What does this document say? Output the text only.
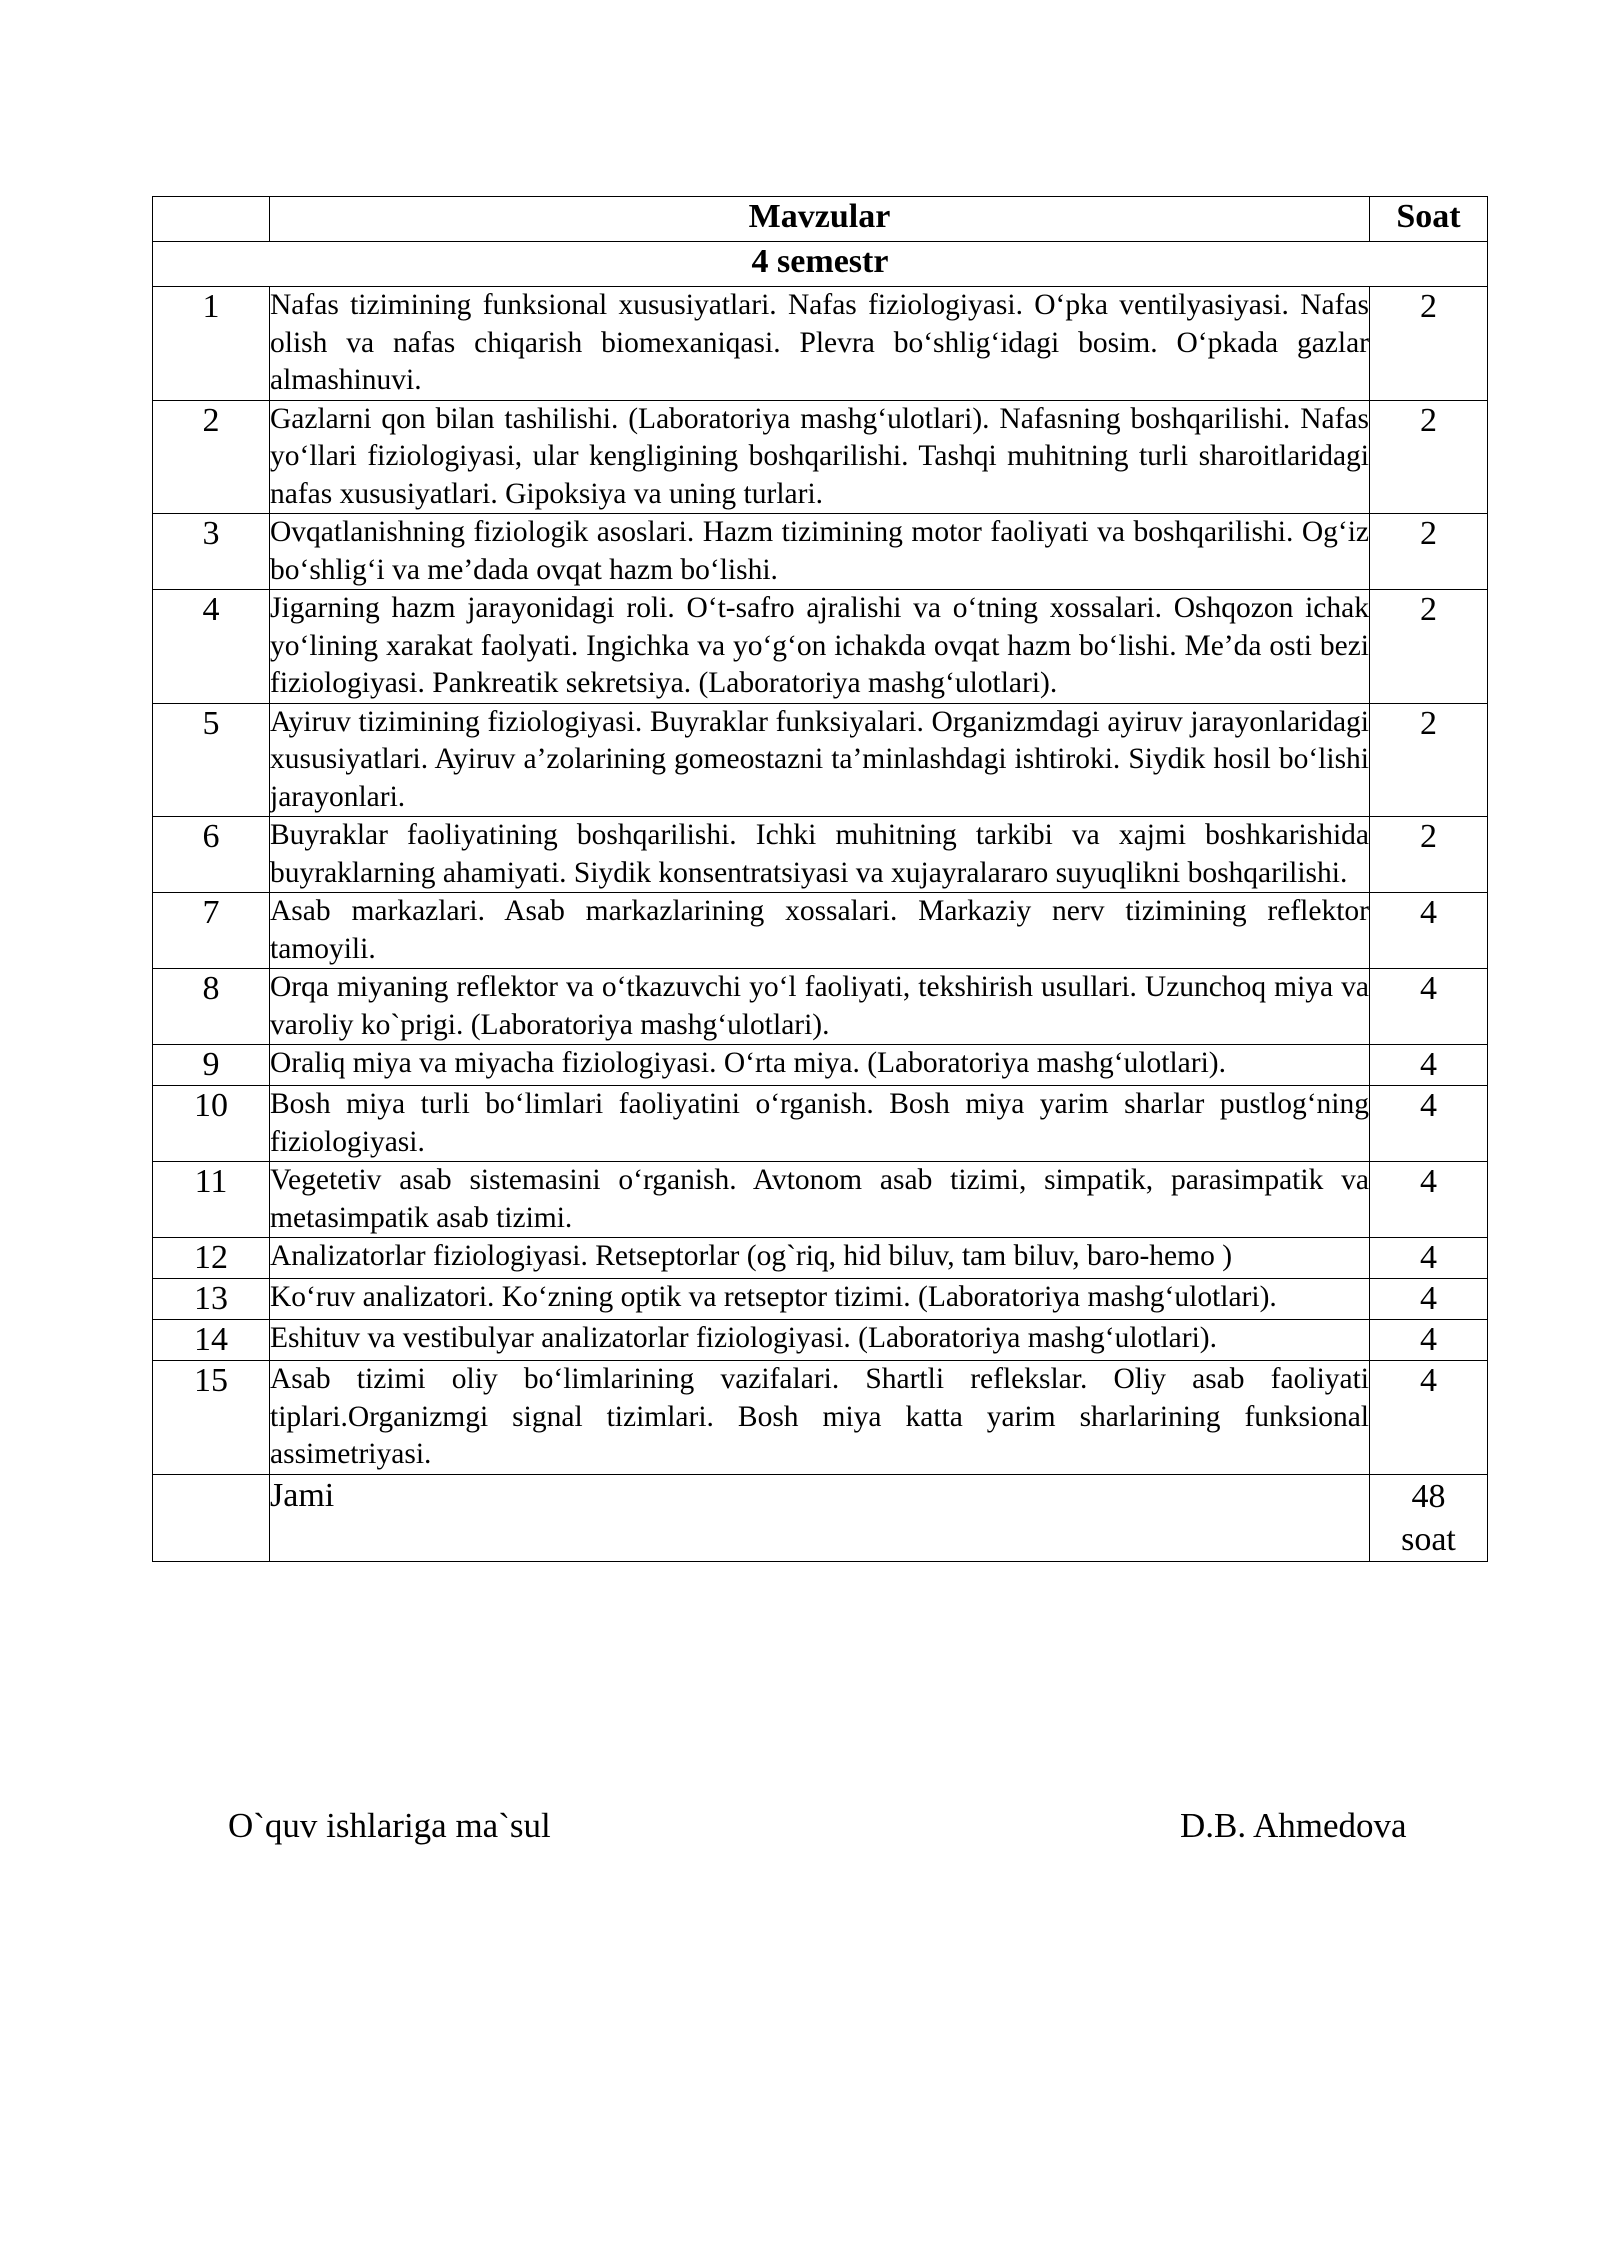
	Mavzular	Soat
4 semestr		
1	Nafas tizimining funksional xususiyatlari. Nafas fiziologiyasi. O‘pka ventilyasiyasi. Nafas olish va nafas chiqarish biomexaniqasi. Plevra bo‘shlig‘idagi bosim. O‘pkada gazlar almashinuvi.	2
2	Gazlarni qon bilan tashilishi. (Laboratoriya mashg‘ulotlari). Nafasning boshqarilishi. Nafas yo‘llari fiziologiyasi, ular kengligining boshqarilishi. Tashqi muhitning turli sharoitlaridagi nafas xususiyatlari. Gipoksiya va uning turlari.	2
3	Ovqatlanishning fiziologik asoslari. Hazm tizimining motor faoliyati va boshqarilishi. Og‘iz bo‘shlig‘i va me’dada ovqat hazm bo‘lishi.	2
4	Jigarning hazm jarayonidagi roli. O‘t-safro ajralishi va o‘tning xossalari. Oshqozon ichak yo‘lining xarakat faolyati. Ingichka va yo‘g‘on ichakda ovqat hazm bo‘lishi. Me’da osti bezi fiziologiyasi. Pankreatik sekretsiya. (Laboratoriya mashg‘ulotlari).	2
5	Ayiruv tizimining fiziologiyasi. Buyraklar funksiyalari. Organizmdagi ayiruv jarayonlaridagi xususiyatlari. Ayiruv a’zolarining gomeostazni ta’minlashdagi ishtiroki. Siydik hosil bo‘lishi jarayonlari.	2
6	Buyraklar faoliyatining boshqarilishi. Ichki muhitning tarkibi va xajmi boshkarishida buyraklarning ahamiyati. Siydik konsentratsiyasi va xujayralararo suyuqlikni boshqarilishi.	2
7	Asab markazlari. Asab markazlarining xossalari. Markaziy nerv tizimining reflektor tamoyili.	4
8	Orqa miyaning reflektor va o‘tkazuvchi yo‘l faoliyati, tekshirish usullari. Uzunchoq miya va varoliy ko`prigi. (Laboratoriya mashg‘ulotlari).	4
9	Oraliq miya va miyacha fiziologiyasi. O‘rta miya. (Laboratoriya mashg‘ulotlari).	4
10	Bosh miya turli bo‘limlari faoliyatini o‘rganish. Bosh miya yarim sharlar pustlog‘ning fiziologiyasi.	4
11	Vegetetiv asab sistemasini o‘rganish. Avtonom asab tizimi, simpatik, parasimpatik va metasimpatik asab tizimi.	4
12	Analizatorlar fiziologiyasi. Retseptorlar (og`riq, hid biluv, tam biluv, baro-hemo )	4
13	Ko‘ruv analizatori. Ko‘zning optik va retseptor tizimi. (Laboratoriya mashg‘ulotlari).	4
14	Eshituv va vestibulyar analizatorlar fiziologiyasi. (Laboratoriya mashg‘ulotlari).	4
15	Asab tizimi oliy bo‘limlarining vazifalari. Shartli reflekslar. Oliy asab faoliyati tiplari.Organizmgi signal tizimlari. Bosh miya katta yarim sharlarining funksional assimetriyasi.	4
	Jami	48
soat
O`quv ishlariga ma`sul	D.B. Ahmedova
